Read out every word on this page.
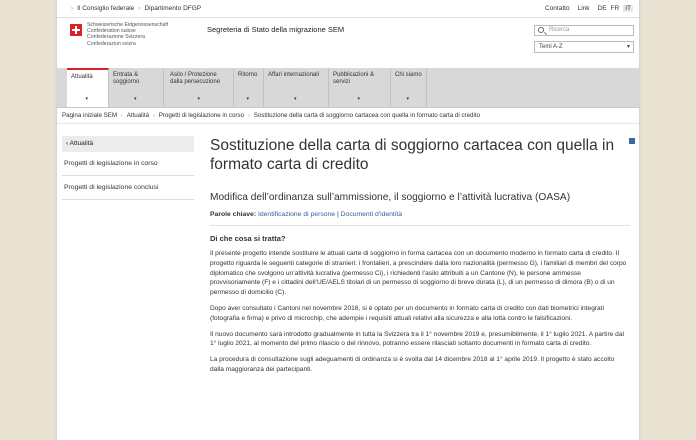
› Il Consiglio federale › Dipartimento DFGP	Contatto Link DE FR IT
Schweizerische Eidgenossenschaft
Confédération suisse
Confederazione Svizzera
Confederaziun svizra
Segreteria di Stato della migrazione SEM	Ricerca
Temi A-Z	▾
Attualità
▾
Entrata & soggiorno
▾
Asilo / Protezione dalla persecuzione
▾
Ritorno
▾
Affari internazionali
▾
Pubblicazioni & servizi
▾
Chi siamo
▾
Pagina iniziale SEM › Attualità › Progetti di legislazione in corso › Sostituzione della carta di soggiorno cartacea con quella in formato carta di credito
‹ Attualità
Progetti di legislazione in corso
Progetti di legislazione conclusi
Sostituzione della carta di soggiorno cartacea con quella in formato carta di credito
Modifica dell’ordinanza sull’ammissione, il soggiorno e l’attività lucrativa (OASA)
Parole chiave: Identificazione di persone | Documenti d'identità
Di che cosa si tratta?

Il presente progetto intende sostituire le attuali carte di soggiorno in forma cartacea con un documento moderno in formato carta di credito. Il progetto riguarda le seguenti categorie di stranieri: i frontalieri, a prescindere dalla loro nazionalità (permesso G), i familiari di membri del corpo diplomatico che svolgono un’attività lucrativa (permesso Ci), i richiedenti l’asilo attribuiti a un Cantone (N), le persone ammesse provvisoriamente (F) e i cittadini dell’UE/AELS titolari di un permesso di soggiorno di breve durata (L), di un permesso di dimora (B) o di un permesso di domicilio (C).

Dopo aver consultato i Cantoni nel novembre 2016, si è optato per un documento in formato carta di credito con dati biometrici integrati (fotografia e firma) e privo di microchip, che adempie i requisiti attuali relativi alla sicurezza e alla lotta contro le falsificazioni.

Il nuovo documento sarà introdotto gradualmente in tutta la Svizzera tra il 1° novembre 2019 e, presumibilmente, il 1° luglio 2021. A partire dal 1° luglio 2021, al momento del primo rilascio o del rinnovo, potranno essere rilasciati soltanto documenti in formato carta di credito.

La procedura di consultazione sugli adeguamenti di ordinanza si è svolta dal 14 dicembre 2018 al 1° aprile 2019. Il progetto è stato accolto dalla maggioranza dei partecipanti.
